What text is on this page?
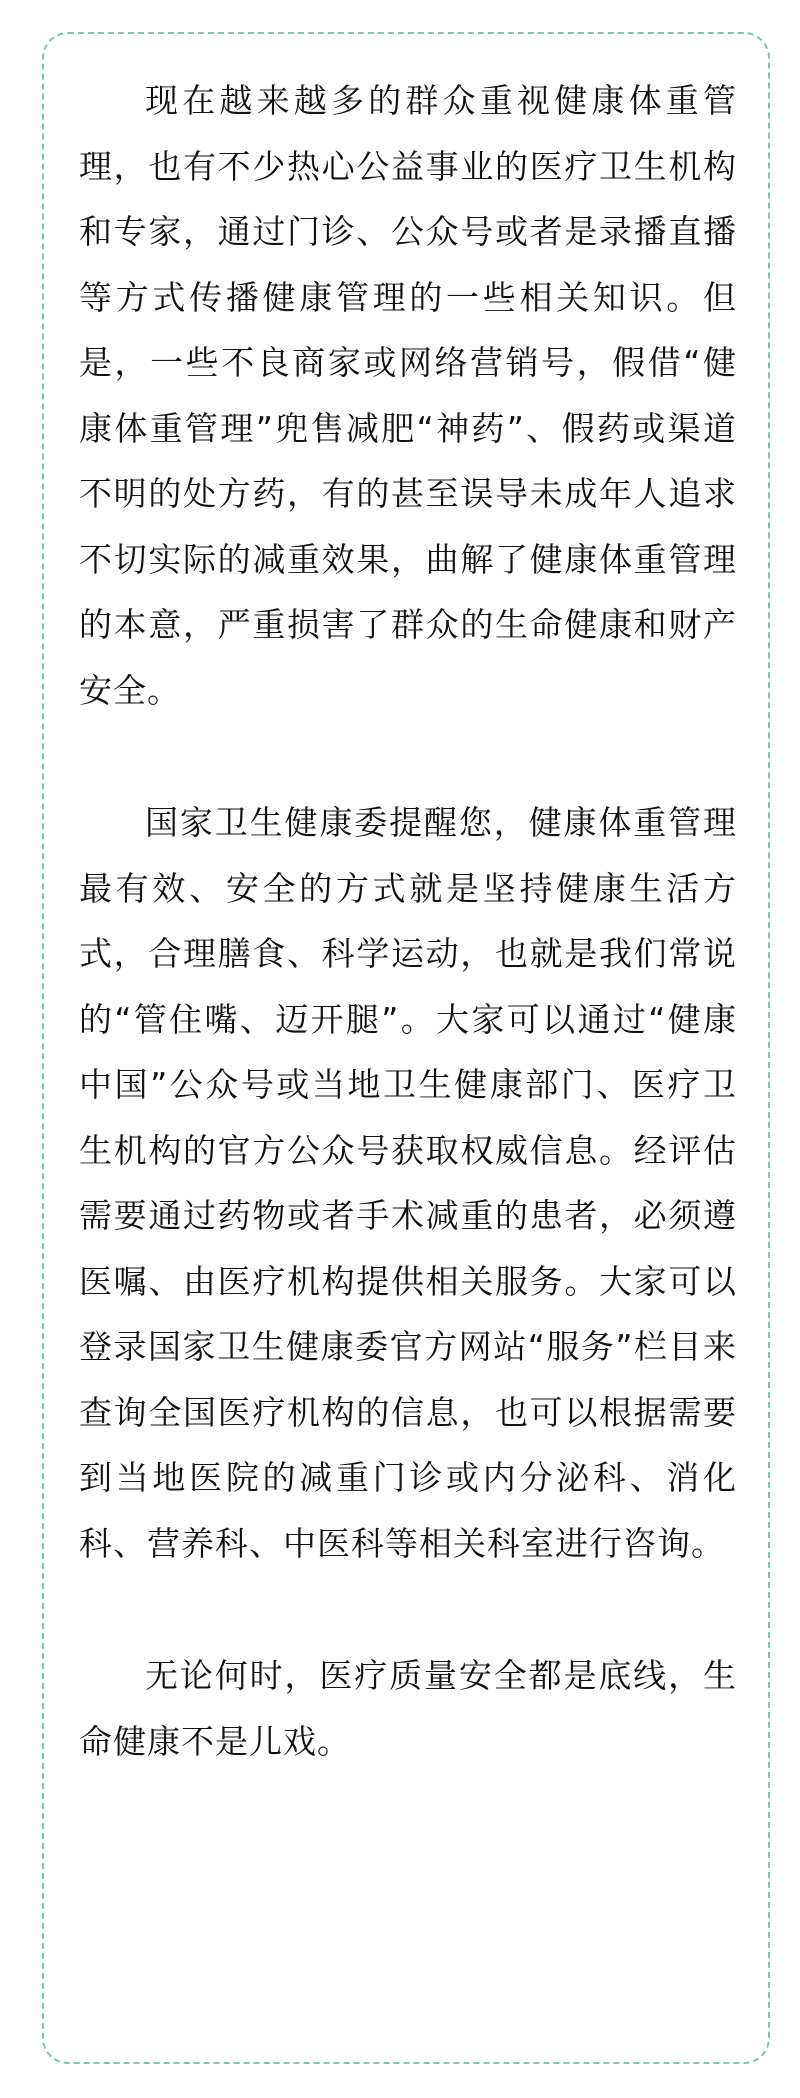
现在越来越多的群众重视健康体重管理，也有不少热心公益事业的医疗卫生机构和专家，通过门诊、公众号或者是录播直播等方式传播健康管理的一些相关知识。但是，一些不良商家或网络营销号，假借“健康体重管理”兜售减肥“神药”、假药或渠道不明的处方药，有的甚至误导未成年人追求不切实际的减重效果，曲解了健康体重管理的本意，严重损害了群众的生命健康和财产安全。

国家卫生健康委提醒您，健康体重管理最有效、安全的方式就是坚持健康生活方式，合理膳食、科学运动，也就是我们常说的“管住嘴、迈开腿”。大家可以通过“健康中国”公众号或当地卫生健康部门、医疗卫生机构的官方公众号获取权威信息。经评估需要通过药物或者手术减重的患者，必须遵医嘱、由医疗机构提供相关服务。大家可以登录国家卫生健康委官方网站“服务”栏目来查询全国医疗机构的信息，也可以根据需要到当地医院的减重门诊或内分泌科、消化科、营养科、中医科等相关科室进行咨询。

无论何时，医疗质量安全都是底线，生命健康不是儿戏。
